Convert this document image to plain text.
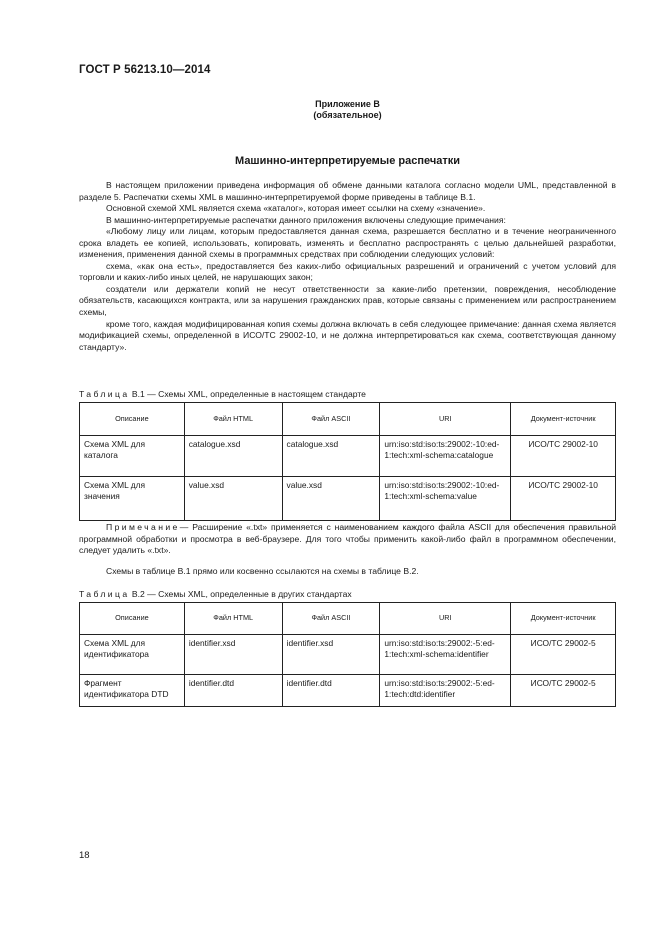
ГОСТ Р 56213.10—2014
Приложение В
(обязательное)
Машинно-интерпретируемые распечатки

В настоящем приложении приведена информация об обмене данными каталога согласно модели UML, представленной в разделе 5. Распечатки схемы XML в машинно-интерпретируемой форме приведены в таблице В.1.

Основной схемой XML является схема «каталог», которая имеет ссылки на схему «значение».

В машинно-интерпретируемые распечатки данного приложения включены следующие примечания:

«Любому лицу или лицам, которым предоставляется данная схема, разрешается бесплатно и в течение неограниченного срока владеть ее копией, использовать, копировать, изменять и бесплатно распространять с целью дальнейшей разработки, изменения, применения данной схемы в программных средствах при соблюдении следующих условий:

схема, «как она есть», предоставляется без каких-либо официальных разрешений и ограничений с учетом условий для торговли и каких-либо иных целей, не нарушающих закон;

создатели или держатели копий не несут ответственности за какие-либо претензии, повреждения, несоблюдение обязательств, касающихся контракта, или за нарушения гражданских прав, которые связаны с применением или распространением схемы,

кроме того, каждая модифицированная копия схемы должна включать в себя следующее примечание: данная схема является модификацией схемы, определенной в ИСО/ТС 29002-10, и не должна интерпретироваться как схема, соответствующая данному стандарту».

Таблица В.1 — Схемы XML, определенные в настоящем стандарте
Описание	Файл HTML	Файл ASCII	URI	Документ-источник
Схема XML для каталога	catalogue.xsd	catalogue.xsd	urn:iso:std:iso:ts:29002:-10:ed-1:tech:xml-schema:catalogue	ИСО/ТС 29002-10
Схема XML для значения	value.xsd	value.xsd	urn:iso:std:iso:ts:29002:-10:ed-1:tech:xml-schema:value	ИСО/ТС 29002-10

Примечание— Расширение «.txt» применяется с наименованием каждого файла ASCII для обеспечения правильной программной обработки и просмотра в веб-браузере. Для того чтобы применить какой-либо файл в программном обеспечении, следует удалить «.txt».

Схемы в таблице В.1 прямо или косвенно ссылаются на схемы в таблице В.2.
Таблица В.2 — Схемы XML, определенные в других стандартах
Описание	Файл HTML	Файл ASCII	URI	Документ-источник
Схема XML для идентификатора	identifier.xsd	identifier.xsd	urn:iso:std:iso:ts:29002:-5:ed-1:tech:xml-schema:identifier	ИСО/ТС 29002-5
Фрагмент идентификатора DTD	identifier.dtd	identifier.dtd	urn:iso:std:iso:ts:29002:-5:ed-1:tech:dtd:identifier	ИСО/ТС 29002-5
18
